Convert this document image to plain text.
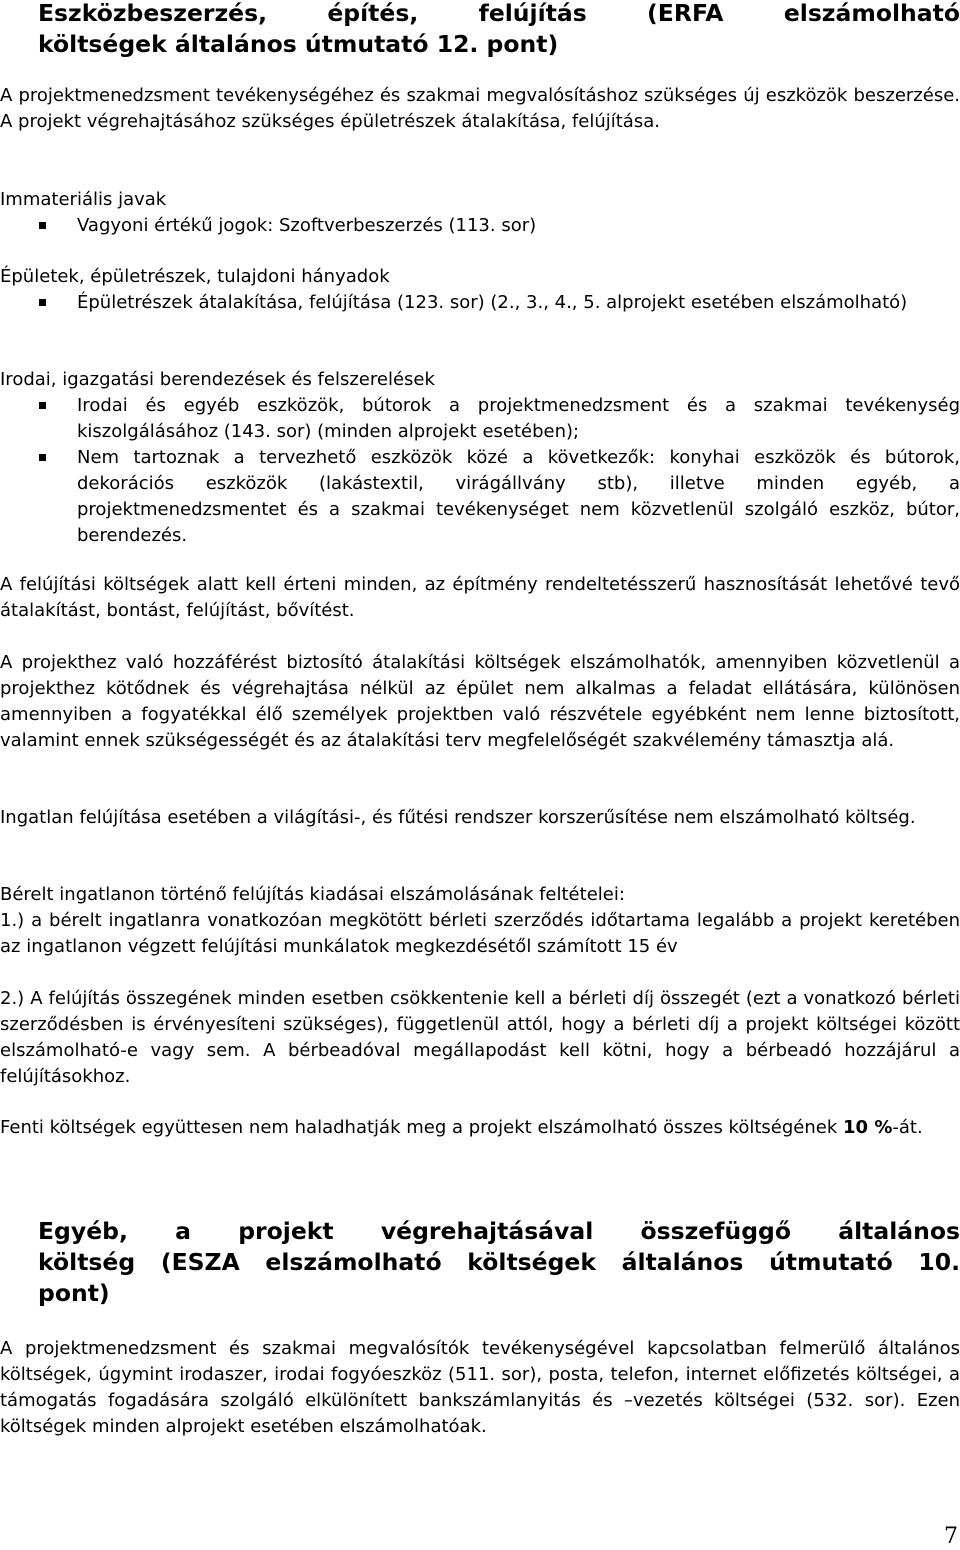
Eszközbeszerzés, építés, felújítás (ERFA elszámolható
költségek általános útmutató 12. pont)

A projektmenedzsment tevékenységéhez és szakmai megvalósításhoz szükséges új eszközök beszerzése. A projekt végrehajtásához szükséges épületrészek átalakítása, felújítása.

Immateriális javak

Vagyoni értékű jogok: Szoftverbeszerzés (113. sor)

Épületek, épületrészek, tulajdoni hányadok

Épületrészek átalakítása, felújítása (123. sor) (2., 3., 4., 5. alprojekt esetében elszámolható)

Irodai, igazgatási berendezések és felszerelések

Irodai és egyéb eszközök, bútorok a projektmenedzsment és a szakmai tevékenység kiszolgálásához (143. sor) (minden alprojekt esetében);
Nem tartoznak a tervezhető eszközök közé a következők: konyhai eszközök és bútorok, dekorációs eszközök (lakástextil, virágállvány stb), illetve minden egyéb, a projektmenedzsmentet és a szakmai tevékenységet nem közvetlenül szolgáló eszköz, bútor, berendezés.

A felújítási költségek alatt kell érteni minden, az építmény rendeltetésszerű hasznosítását lehetővé tevő átalakítást, bontást, felújítást, bővítést.

A projekthez való hozzáférést biztosító átalakítási költségek elszámolhatók, amennyiben közvetlenül a projekthez kötődnek és végrehajtása nélkül az épület nem alkalmas a feladat ellátására, különösen amennyiben a fogyatékkal élő személyek projektben való részvétele egyébként nem lenne biztosított, valamint ennek szükségességét és az átalakítási terv megfelelőségét szakvélemény támasztja alá.

Ingatlan felújítása esetében a világítási-, és fűtési rendszer korszerűsítése nem elszámolható költség.

Bérelt ingatlanon történő felújítás kiadásai elszámolásának feltételei:

1.) a bérelt ingatlanra vonatkozóan megkötött bérleti szerződés időtartama legalább a projekt keretében az ingatlanon végzett felújítási munkálatok megkezdésétől számított 15 év

2.) A felújítás összegének minden esetben csökkentenie kell a bérleti díj összegét (ezt a vonatkozó bérleti szerződésben is érvényesíteni szükséges), függetlenül attól, hogy a bérleti díj a projekt költségei között elszámolható-e vagy sem. A bérbeadóval megállapodást kell kötni, hogy a bérbeadó hozzájárul a felújításokhoz.

Fenti költségek együttesen nem haladhatják meg a projekt elszámolható összes költségének 10 %-át.

Egyéb, a projekt végrehajtásával összefüggő általános
költség (ESZA elszámolható költségek általános útmutató 10.
pont)

A projektmenedzsment és szakmai megvalósítók tevékenységével kapcsolatban felmerülő általános költségek, úgymint irodaszer, irodai fogyóeszköz (511. sor), posta, telefon, internet előfizetés költségei, a támogatás fogadására szolgáló elkülönített bankszámlanyitás és –vezetés költségei (532. sor). Ezen költségek minden alprojekt esetében elszámolhatóak.

7
